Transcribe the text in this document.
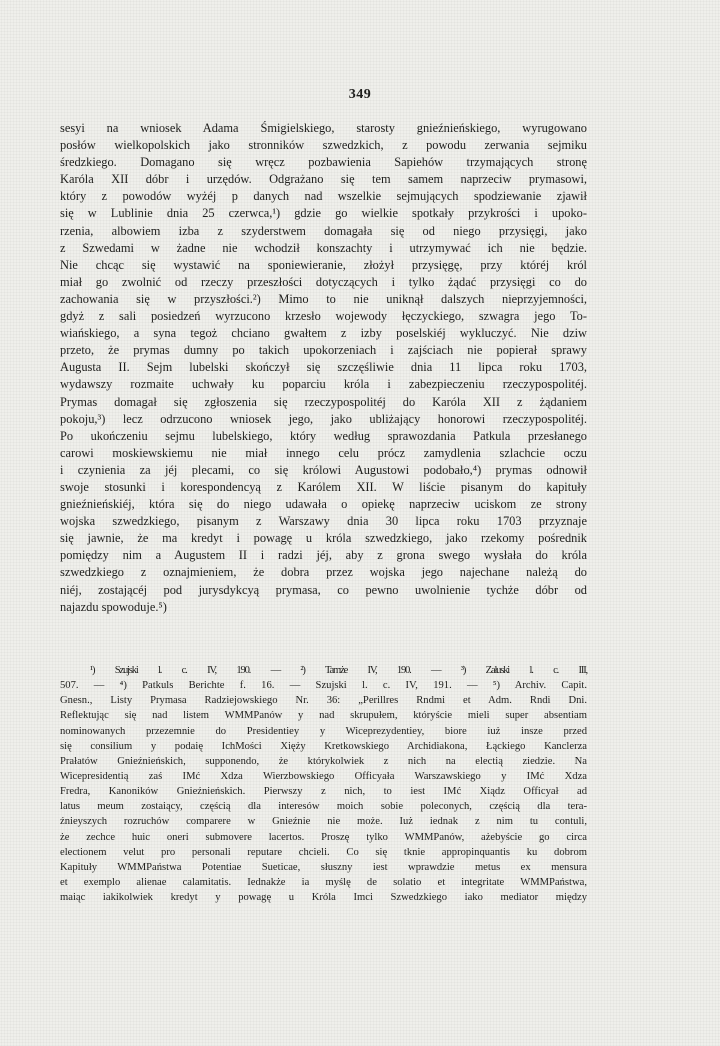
349
sesyi na wniosek Adama Śmigielskiego, starosty gnieźnieńskiego, wyrugowano
posłów wielkopolskich jako stronników szwedzkich, z powodu zerwania sejmiku
średzkiego. Domagano się wręcz pozbawienia Sapiehów trzymających stronę
Karóla XII dóbr i urzędów. Odgrażano się tem samem naprzeciw prymasowi,
który z powodów wyżéj p danych nad wszelkie sejmujących spodziewanie zjawił
się w Lublinie dnia 25 czerwca,¹) gdzie go wielkie spotkały przykrości i upoko-
rzenia, albowiem izba z szyderstwem domagała się od niego przysięgi, jako
z Szwedami w żadne nie wchodził konszachty i utrzymywać ich nie będzie.
Nie chcąc się wystawić na sponiewieranie, złożył przysięgę, przy któréj król
miał go zwolnić od rzeczy przeszłości dotyczących i tylko żądać przysięgi co do
zachowania się w przyszłości.²) Mimo to nie uniknął dalszych nieprzyjemności,
gdyż z sali posiedzeń wyrzucono krzesło wojewody łęczyckiego, szwagra jego To-
wiańskiego, a syna tegoż chciano gwałtem z izby poselskiéj wykluczyć. Nie dziw
przeto, że prymas dumny po takich upokorzeniach i zajściach nie popierał sprawy
Augusta II. Sejm lubelski skończył się szczęśliwie dnia 11 lipca roku 1703,
wydawszy rozmaite uchwały ku poparciu króla i zabezpieczeniu rzeczypospolitéj.
Prymas domagał się zgłoszenia się rzeczypospolitéj do Karóla XII z żądaniem
pokoju,³) lecz odrzucono wniosek jego, jako ubliżający honorowi rzeczypospolitéj.
Po ukończeniu sejmu lubelskiego, który według sprawozdania Patkula przesłanego
carowi moskiewskiemu nie miał innego celu prócz zamydlenia szlachcie oczu
i czynienia za jéj plecami, co się królowi Augustowi podobało,⁴) prymas odnowił
swoje stosunki i korespondencyą z Karólem XII. W liście pisanym do kapituły
gnieźnieńskiéj, która się do niego udawała o opiekę naprzeciw uciskom ze strony
wojska szwedzkiego, pisanym z Warszawy dnia 30 lipca roku 1703 przyznaje
się jawnie, że ma kredyt i powagę u króla szwedzkiego, jako rzekomy pośrednik
pomiędzy nim a Augustem II i radzi jéj, aby z grona swego wysłała do króla
szwedzkiego z oznajmieniem, że dobra przez wojska jego najechane należą do
niéj, zostającéj pod jurysdykcyą prymasa, co pewno uwolnienie tychże dóbr od
najazdu spowoduje.⁵)
¹) Szujski l. c. IV, 190. — ²) Tamże IV, 190. — ³) Załuski l. c. III,
507. — ⁴) Patkuls Berichte f. 16. — Szujski l. c. IV, 191. — ⁵) Archiv. Capit.
Gnesn., Listy Prymasa Radziejowskiego Nr. 36: „Perillres Rndmi et Adm. Rndi Dni.
Reflektując się nad listem WMMPanów y nad skrupułem, któryście mieli super absentiam
nominowanych przezemnie do Presidentiey y Wiceprezydentiey, biore iuż insze przed
się consilium y podaię IchMości Xięży Kretkowskiego Archidiakona, Łąckiego Kanclerza
Prałatów Gnieźnieńskich, supponendo, że którykolwiek z nich na electią ziedzie. Na
Wicepresidentią zaś IMć Xdza Wierzbowskiego Officyała Warszawskiego y IMć Xdza
Fredra, Kanoników Gnieźnieńskich. Pierwszy z nich, to iest IMć Xiądz Officyał ad
latus meum zostaiący, częścią dla interesów moich sobie poleconych, częścią dla tera-
źnieyszych rozruchów comparere w Gnieźnie nie może. Iuż iednak z nim tu contuli,
że zechce huic oneri submovere lacertos. Proszę tylko WMMPanów, ażebyście go circa
electionem velut pro personali reputare chcieli. Co się tknie appropinquantis ku dobrom
Kapituły WMMPaństwa Potentiae Sueticae, słuszny iest wprawdzie metus ex mensura
et exemplo alienae calamitatis. Iednakże ia myślę de solatio et integritate WMMPaństwa,
maiąc iakikolwiek kredyt y powagę u Króla Imci Szwedzkiego iako mediator między
